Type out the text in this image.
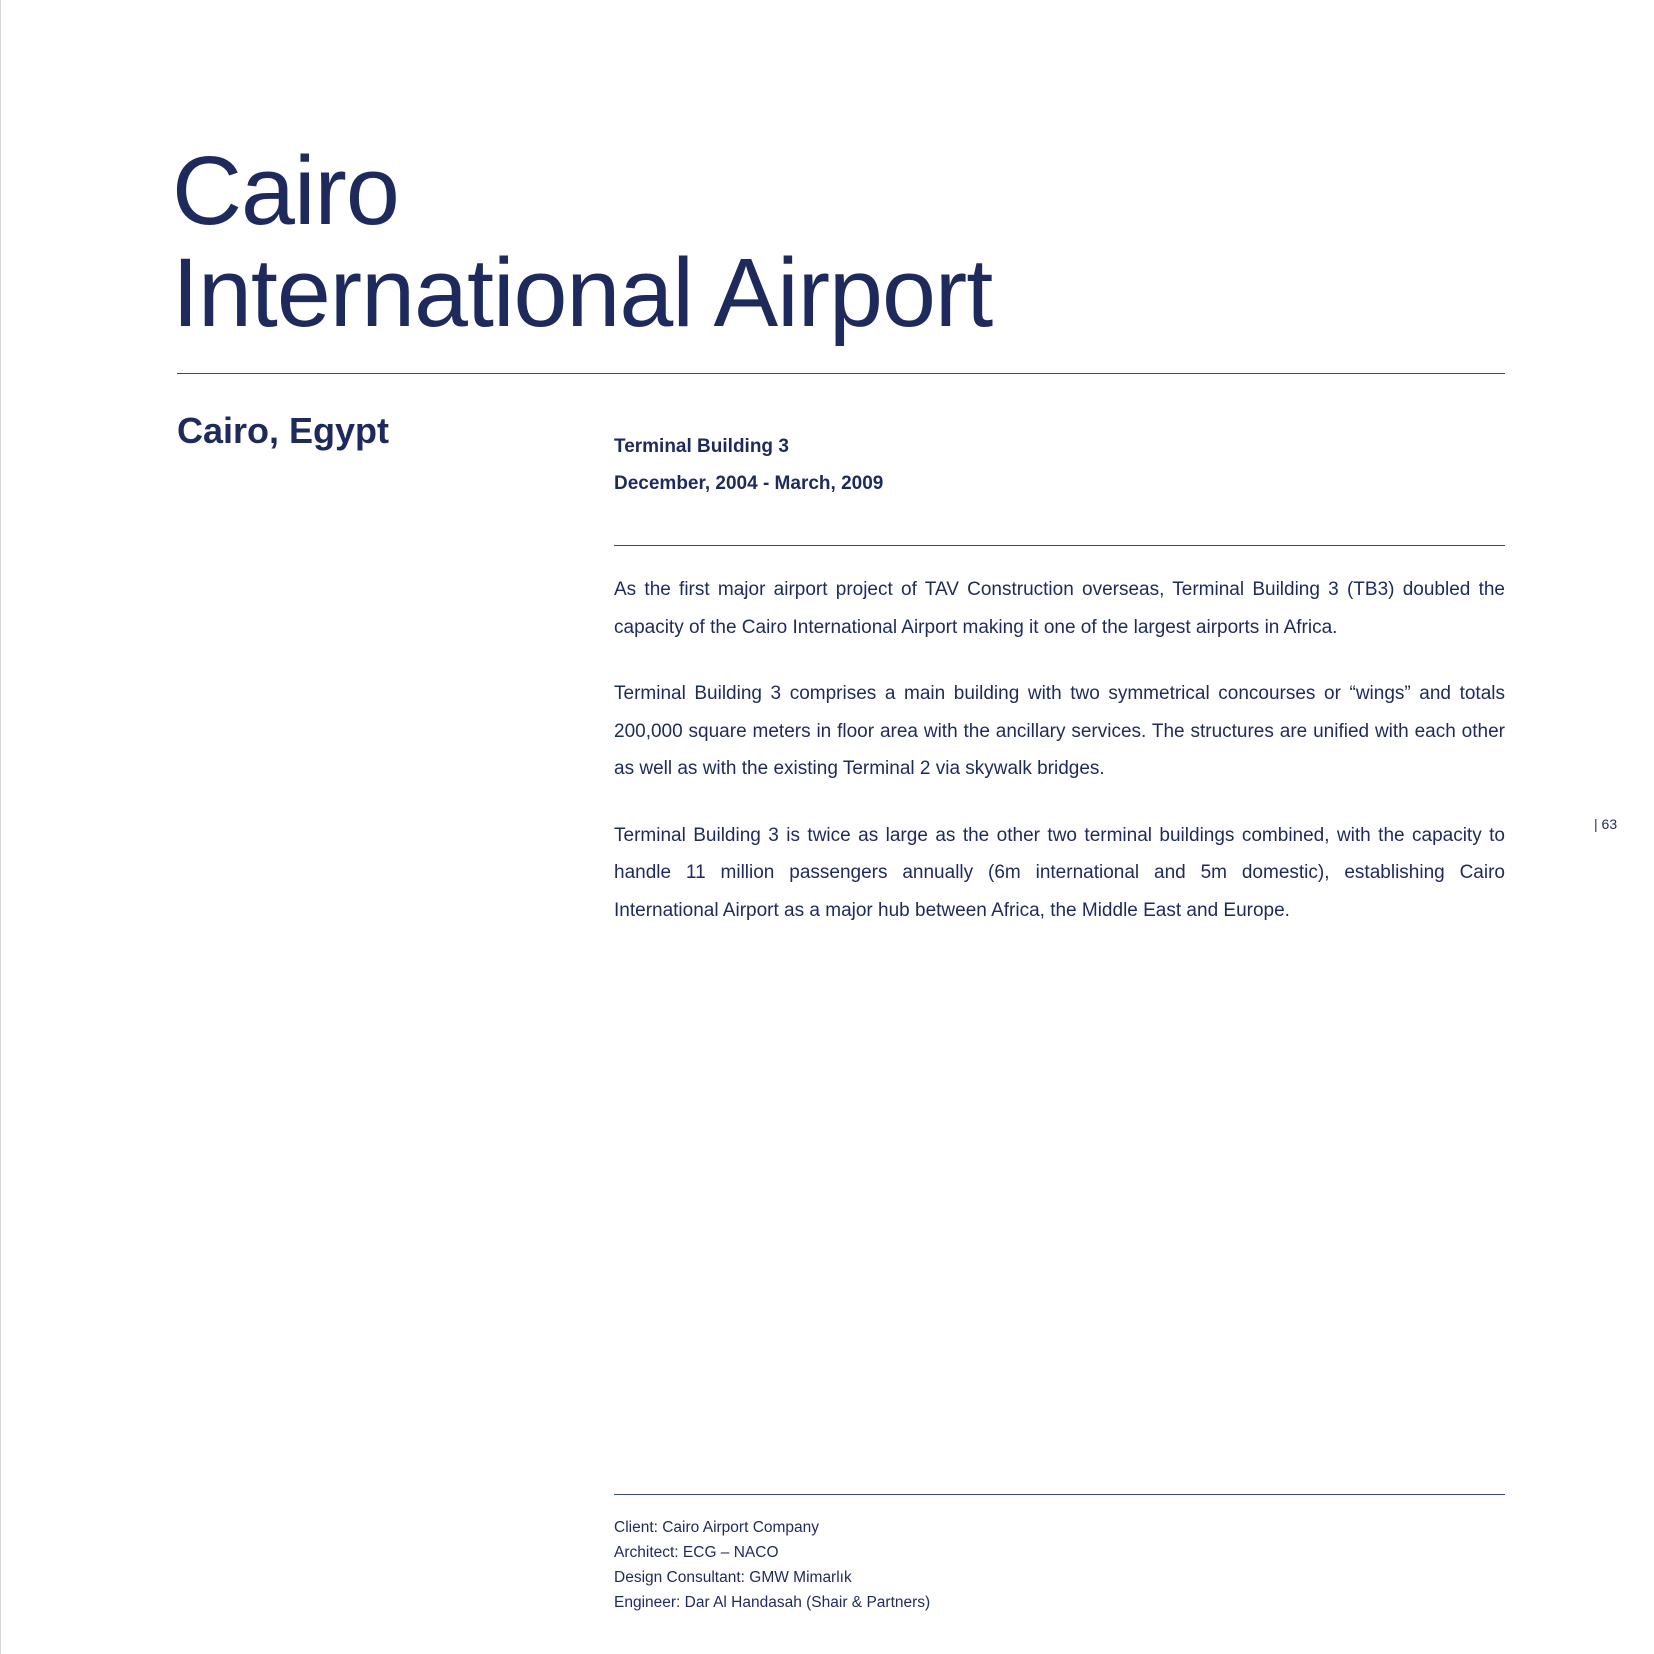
Cairo
International Airport
Cairo, Egypt	Terminal Building 3
December, 2004 - March, 2009

As the first major airport project of TAV Construction overseas, Terminal Building 3 (TB3) doubled the capacity of the Cairo International Airport making it one of the largest airports in Africa.

Terminal Building 3 comprises a main building with two symmetrical concourses or “wings” and totals 200,000 square meters in floor area with the ancillary services. The structures are unified with each other as well as with the existing Terminal 2 via skywalk bridges.

Terminal Building 3 is twice as large as the other two terminal buildings combined, with the capacity to handle 11 million passengers annually (6m international and 5m domestic), establishing Cairo International Airport as a major hub between Africa, the Middle East and Europe.

| 63
Client: Cairo Airport Company
Architect: ECG – NACO
Design Consultant: GMW Mimarlık
Engineer: Dar Al Handasah (Shair & Partners)
